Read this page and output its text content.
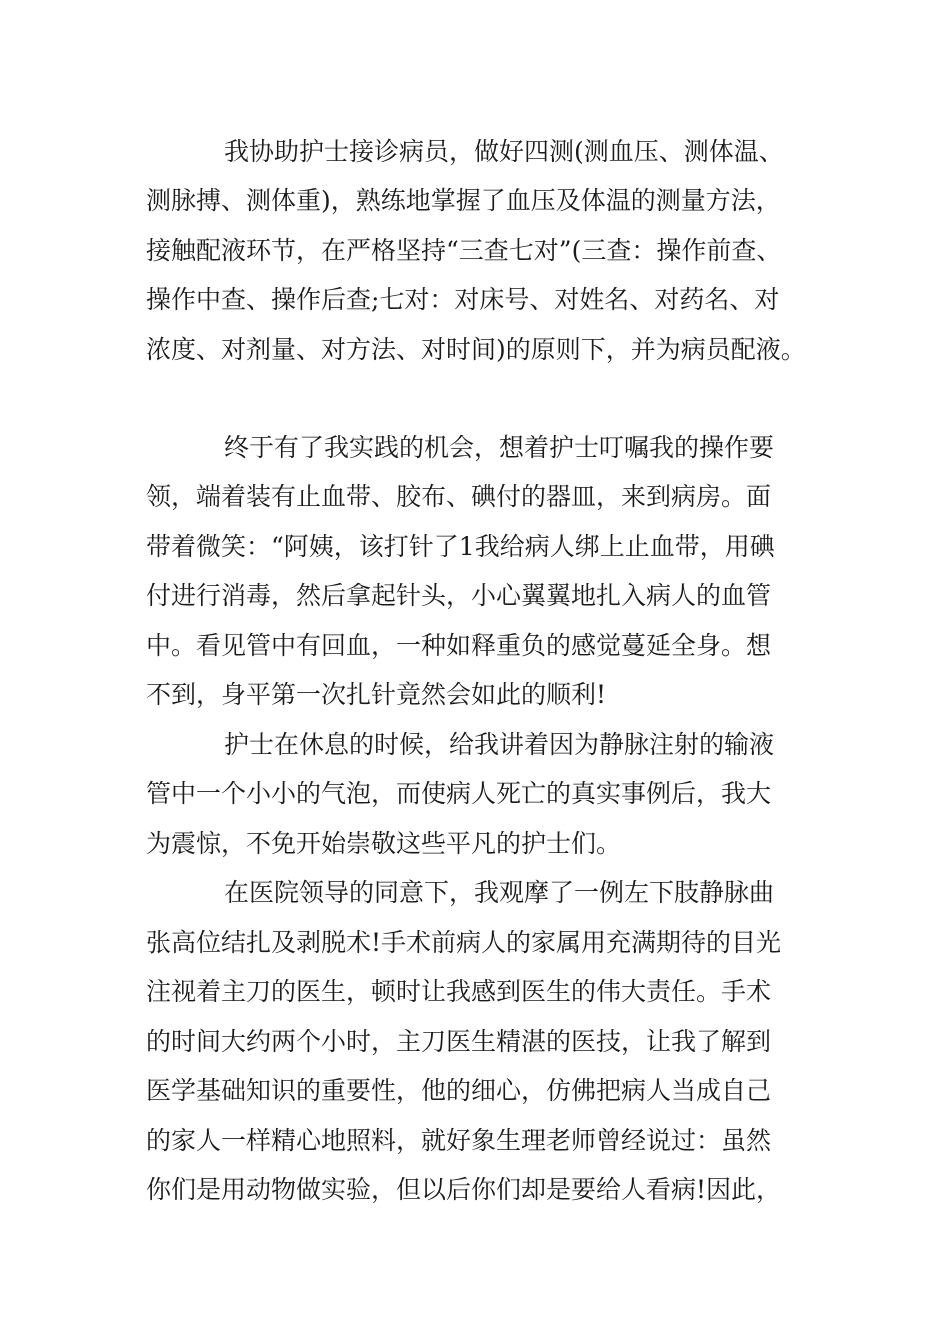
我协助护士接诊病员，做好四测(测血压、测体温、

测脉搏、测体重)，熟练地掌握了血压及体温的测量方法，

接触配液环节，在严格坚持“三查七对”(三查：操作前查、

操作中查、操作后查;七对：对床号、对姓名、对药名、对

浓度、对剂量、对方法、对时间)的原则下，并为病员配液。

终于有了我实践的机会，想着护士叮嘱我的操作要

领，端着装有止血带、胶布、碘付的器皿，来到病房。面

带着微笑：“阿姨，该打针了1我给病人绑上止血带，用碘

付进行消毒，然后拿起针头，小心翼翼地扎入病人的血管

中。看见管中有回血，一种如释重负的感觉蔓延全身。想

不到，身平第一次扎针竟然会如此的顺利!

护士在休息的时候，给我讲着因为静脉注射的输液

管中一个小小的气泡，而使病人死亡的真实事例后，我大

为震惊，不免开始崇敬这些平凡的护士们。

在医院领导的同意下，我观摩了一例左下肢静脉曲

张高位结扎及剥脱术!手术前病人的家属用充满期待的目光

注视着主刀的医生，顿时让我感到医生的伟大责任。手术

的时间大约两个小时，主刀医生精湛的医技，让我了解到

医学基础知识的重要性，他的细心，仿佛把病人当成自己

的家人一样精心地照料，就好象生理老师曾经说过：虽然

你们是用动物做实验，但以后你们却是要给人看病!因此，
